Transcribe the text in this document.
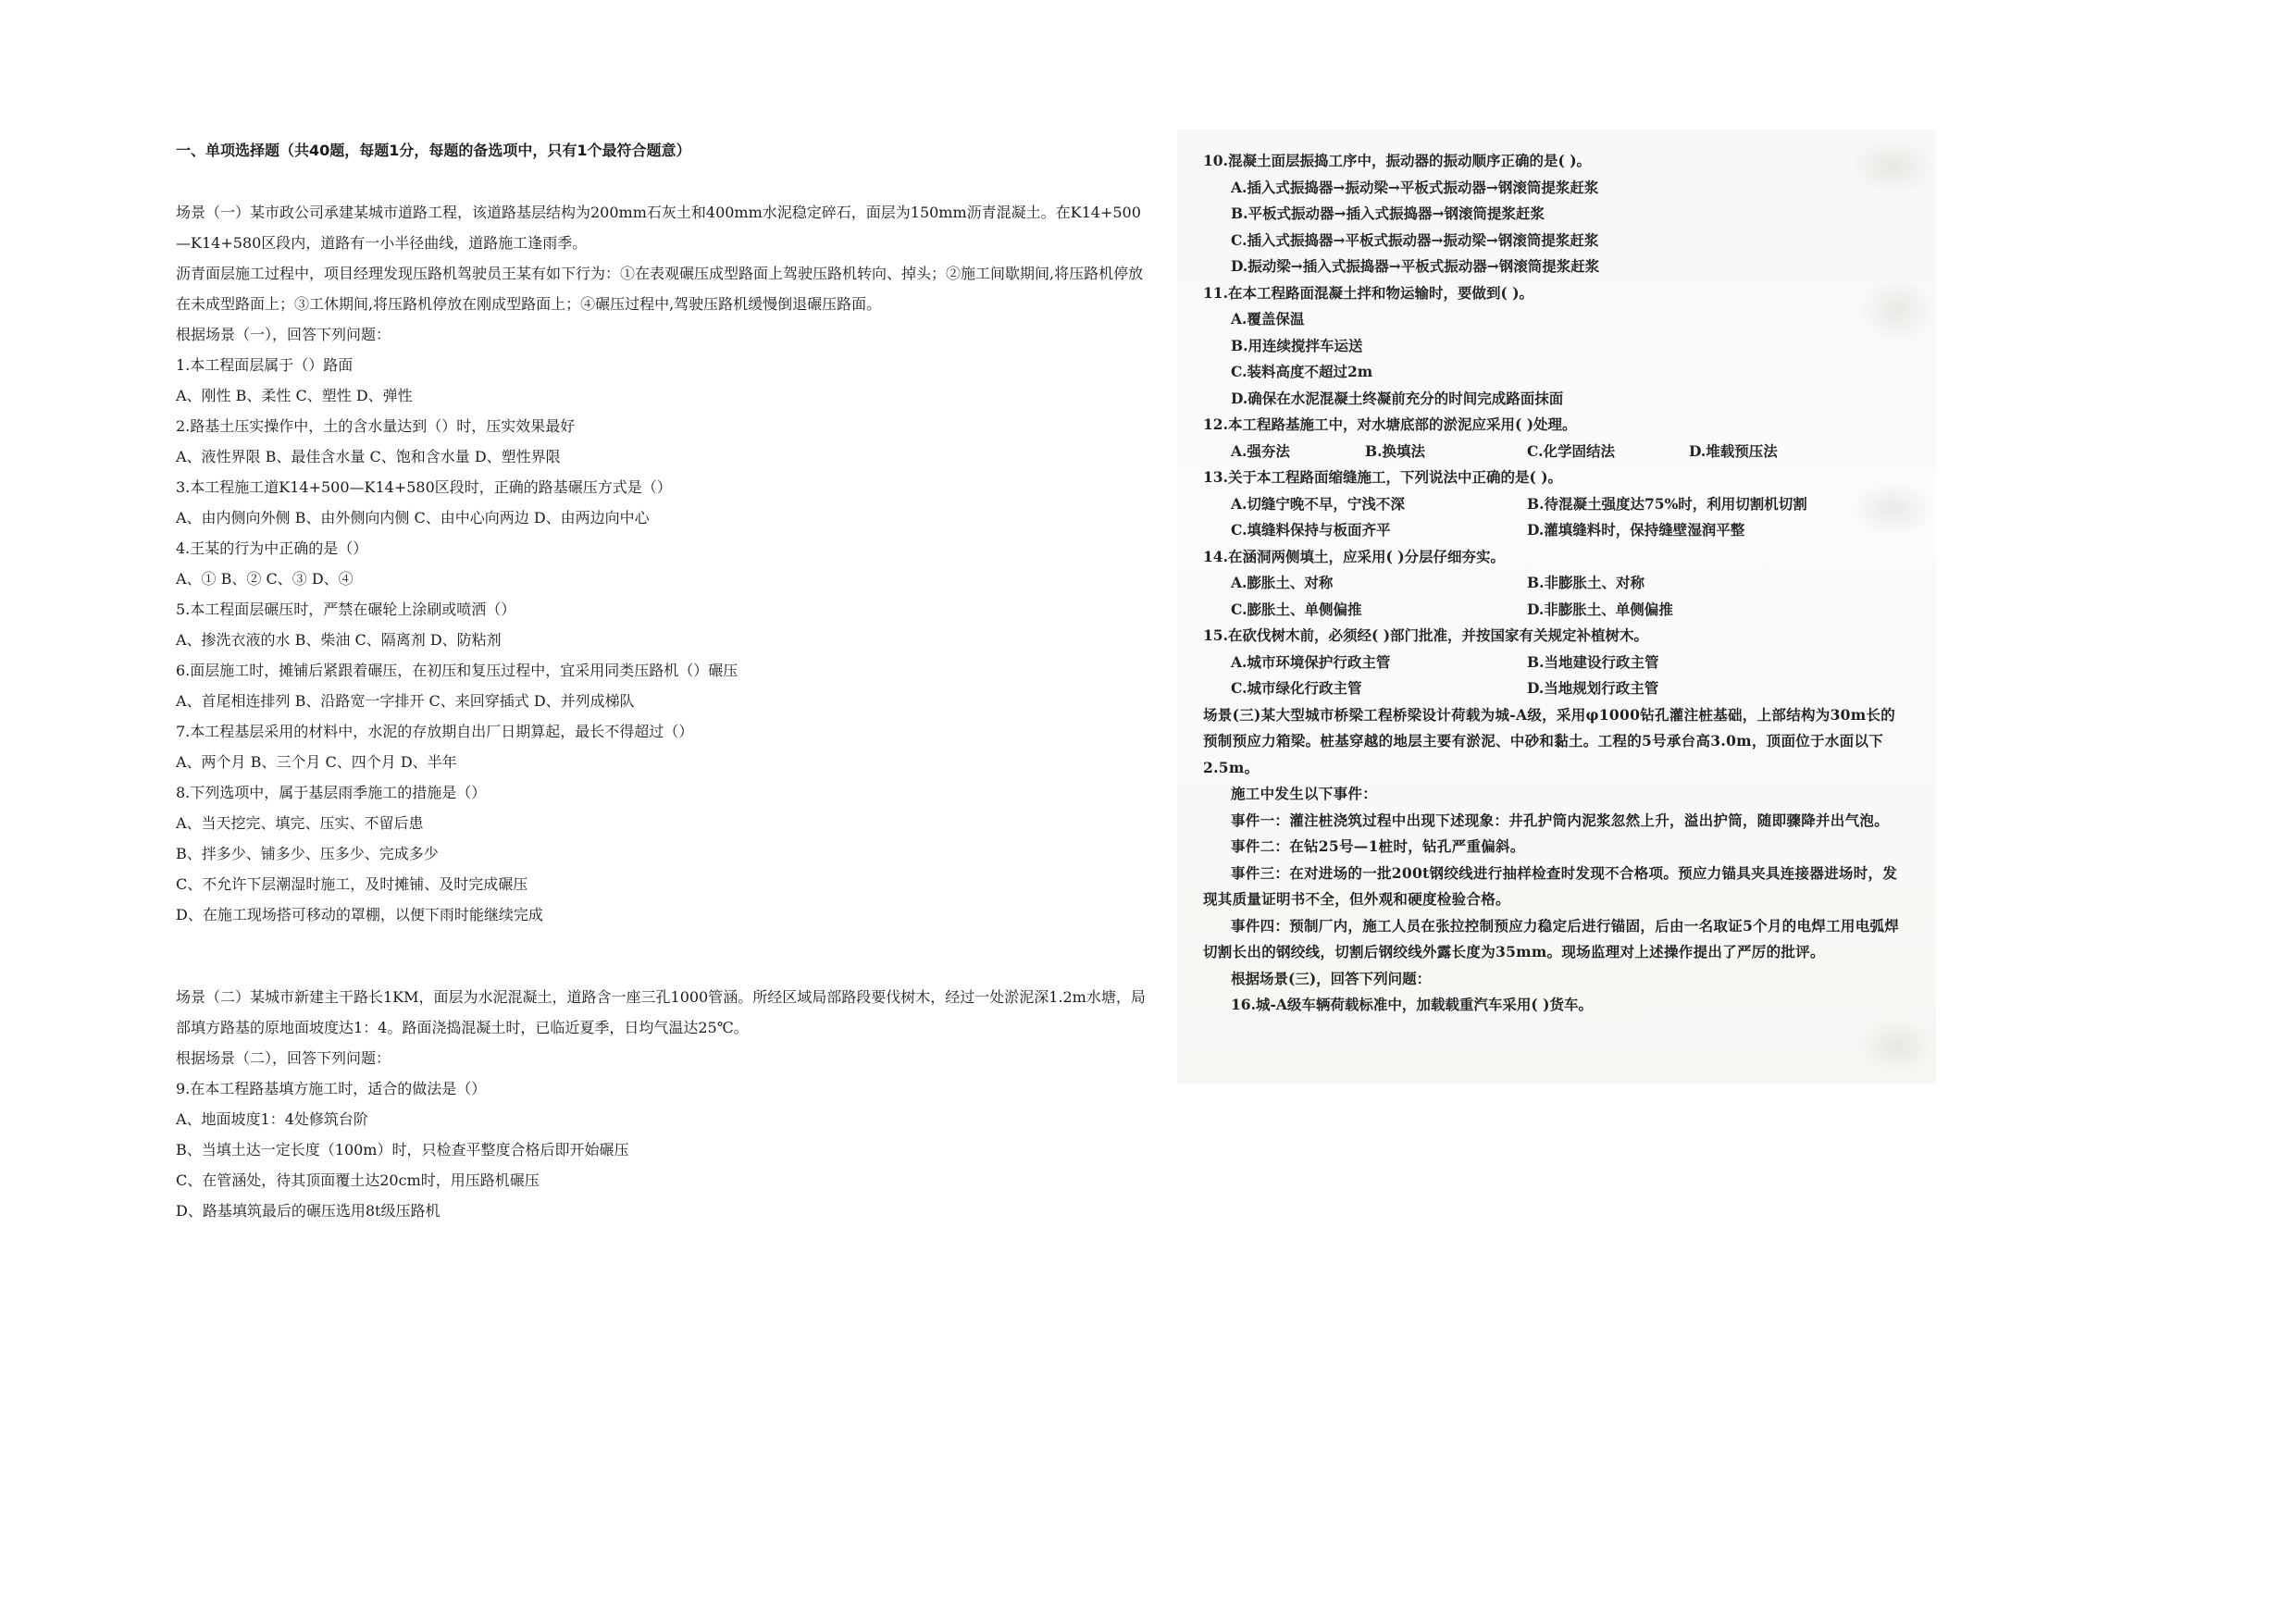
一、单项选择题（共40题，每题1分，每题的备选项中，只有1个最符合题意）

场景（一）某市政公司承建某城市道路工程，该道路基层结构为200mm石灰土和400mm水泥稳定碎石，面层为150mm沥青混凝土。在K14+500—K14+580区段内，道路有一小半径曲线，道路施工逢雨季。

沥青面层施工过程中，项目经理发现压路机驾驶员王某有如下行为：①在表观碾压成型路面上驾驶压路机转向、掉头；②施工间歇期间,将压路机停放在未成型路面上；③工休期间,将压路机停放在刚成型路面上；④碾压过程中,驾驶压路机缓慢倒退碾压路面。

根据场景（一），回答下列问题：

1.本工程面层属于（）路面

A、刚性 B、柔性 C、塑性 D、弹性

2.路基土压实操作中，土的含水量达到（）时，压实效果最好

A、液性界限 B、最佳含水量 C、饱和含水量 D、塑性界限

3.本工程施工道K14+500—K14+580区段时，正确的路基碾压方式是（）

A、由内侧向外侧 B、由外侧向内侧 C、由中心向两边 D、由两边向中心

4.王某的行为中正确的是（）

A、① B、② C、③ D、④

5.本工程面层碾压时，严禁在碾轮上涂刷或喷洒（）

A、掺洗衣液的水 B、柴油 C、隔离剂 D、防粘剂

6.面层施工时，摊铺后紧跟着碾压，在初压和复压过程中，宜采用同类压路机（）碾压

A、首尾相连排列 B、沿路宽一字排开 C、来回穿插式 D、并列成梯队

7.本工程基层采用的材料中，水泥的存放期自出厂日期算起，最长不得超过（）

A、两个月 B、三个月 C、四个月 D、半年

8.下列选项中，属于基层雨季施工的措施是（）

A、当天挖完、填完、压实、不留后患

B、拌多少、铺多少、压多少、完成多少

C、不允许下层潮湿时施工，及时摊铺、及时完成碾压

D、在施工现场搭可移动的罩棚，以便下雨时能继续完成

场景（二）某城市新建主干路长1KM，面层为水泥混凝土，道路含一座三孔1000管涵。所经区域局部路段要伐树木，经过一处淤泥深1.2m水塘，局部填方路基的原地面坡度达1：4。路面浇捣混凝土时，已临近夏季，日均气温达25℃。

根据场景（二），回答下列问题：

9.在本工程路基填方施工时，适合的做法是（）

A、地面坡度1：4处修筑台阶

B、当填土达一定长度（100m）时，只检查平整度合格后即开始碾压

C、在管涵处，待其顶面覆土达20cm时，用压路机碾压

D、路基填筑最后的碾压选用8t级压路机

10.混凝土面层振捣工序中，振动器的振动顺序正确的是( )。

A.插入式振捣器→振动梁→平板式振动器→钢滚筒提浆赶浆

B.平板式振动器→插入式振捣器→钢滚筒提浆赶浆

C.插入式振捣器→平板式振动器→振动梁→钢滚筒提浆赶浆

D.振动梁→插入式振捣器→平板式振动器→钢滚筒提浆赶浆

11.在本工程路面混凝土拌和物运输时，要做到( )。

A.覆盖保温

B.用连续搅拌车运送

C.装料高度不超过2m

D.确保在水泥混凝土终凝前充分的时间完成路面抹面

12.本工程路基施工中，对水塘底部的淤泥应采用( )处理。

A.强夯法	B.换填法	C.化学固结法	D.堆载预压法

13.关于本工程路面缩缝施工，下列说法中正确的是( )。

A.切缝宁晚不早，宁浅不深	B.待混凝土强度达75%时，利用切割机切割
C.填缝料保持与板面齐平	D.灌填缝料时，保持缝壁湿润平整

14.在涵洞两侧填土，应采用( )分层仔细夯实。

A.膨胀土、对称	B.非膨胀土、对称
C.膨胀土、单侧偏推	D.非膨胀土、单侧偏推

15.在砍伐树木前，必须经( )部门批准，并按国家有关规定补植树木。

A.城市环境保护行政主管	B.当地建设行政主管
C.城市绿化行政主管	D.当地规划行政主管

场景(三)某大型城市桥梁工程桥梁设计荷载为城-A级，采用φ1000钻孔灌注桩基础，上部结构为30m长的预制预应力箱梁。桩基穿越的地层主要有淤泥、中砂和黏土。工程的5号承台高3.0m，顶面位于水面以下2.5m。

施工中发生以下事件：

事件一：灌注桩浇筑过程中出现下述现象：井孔护筒内泥浆忽然上升，溢出护筒，随即骤降并出气泡。

事件二：在钻25号—1桩时，钻孔严重偏斜。

事件三：在对进场的一批200t钢绞线进行抽样检查时发现不合格项。预应力锚具夹具连接器进场时，发现其质量证明书不全，但外观和硬度检验合格。

事件四：预制厂内，施工人员在张拉控制预应力稳定后进行锚固，后由一名取证5个月的电焊工用电弧焊切割长出的钢绞线，切割后钢绞线外露长度为35mm。现场监理对上述操作提出了严厉的批评。

根据场景(三)，回答下列问题：

16.城-A级车辆荷载标准中，加载载重汽车采用( )货车。
